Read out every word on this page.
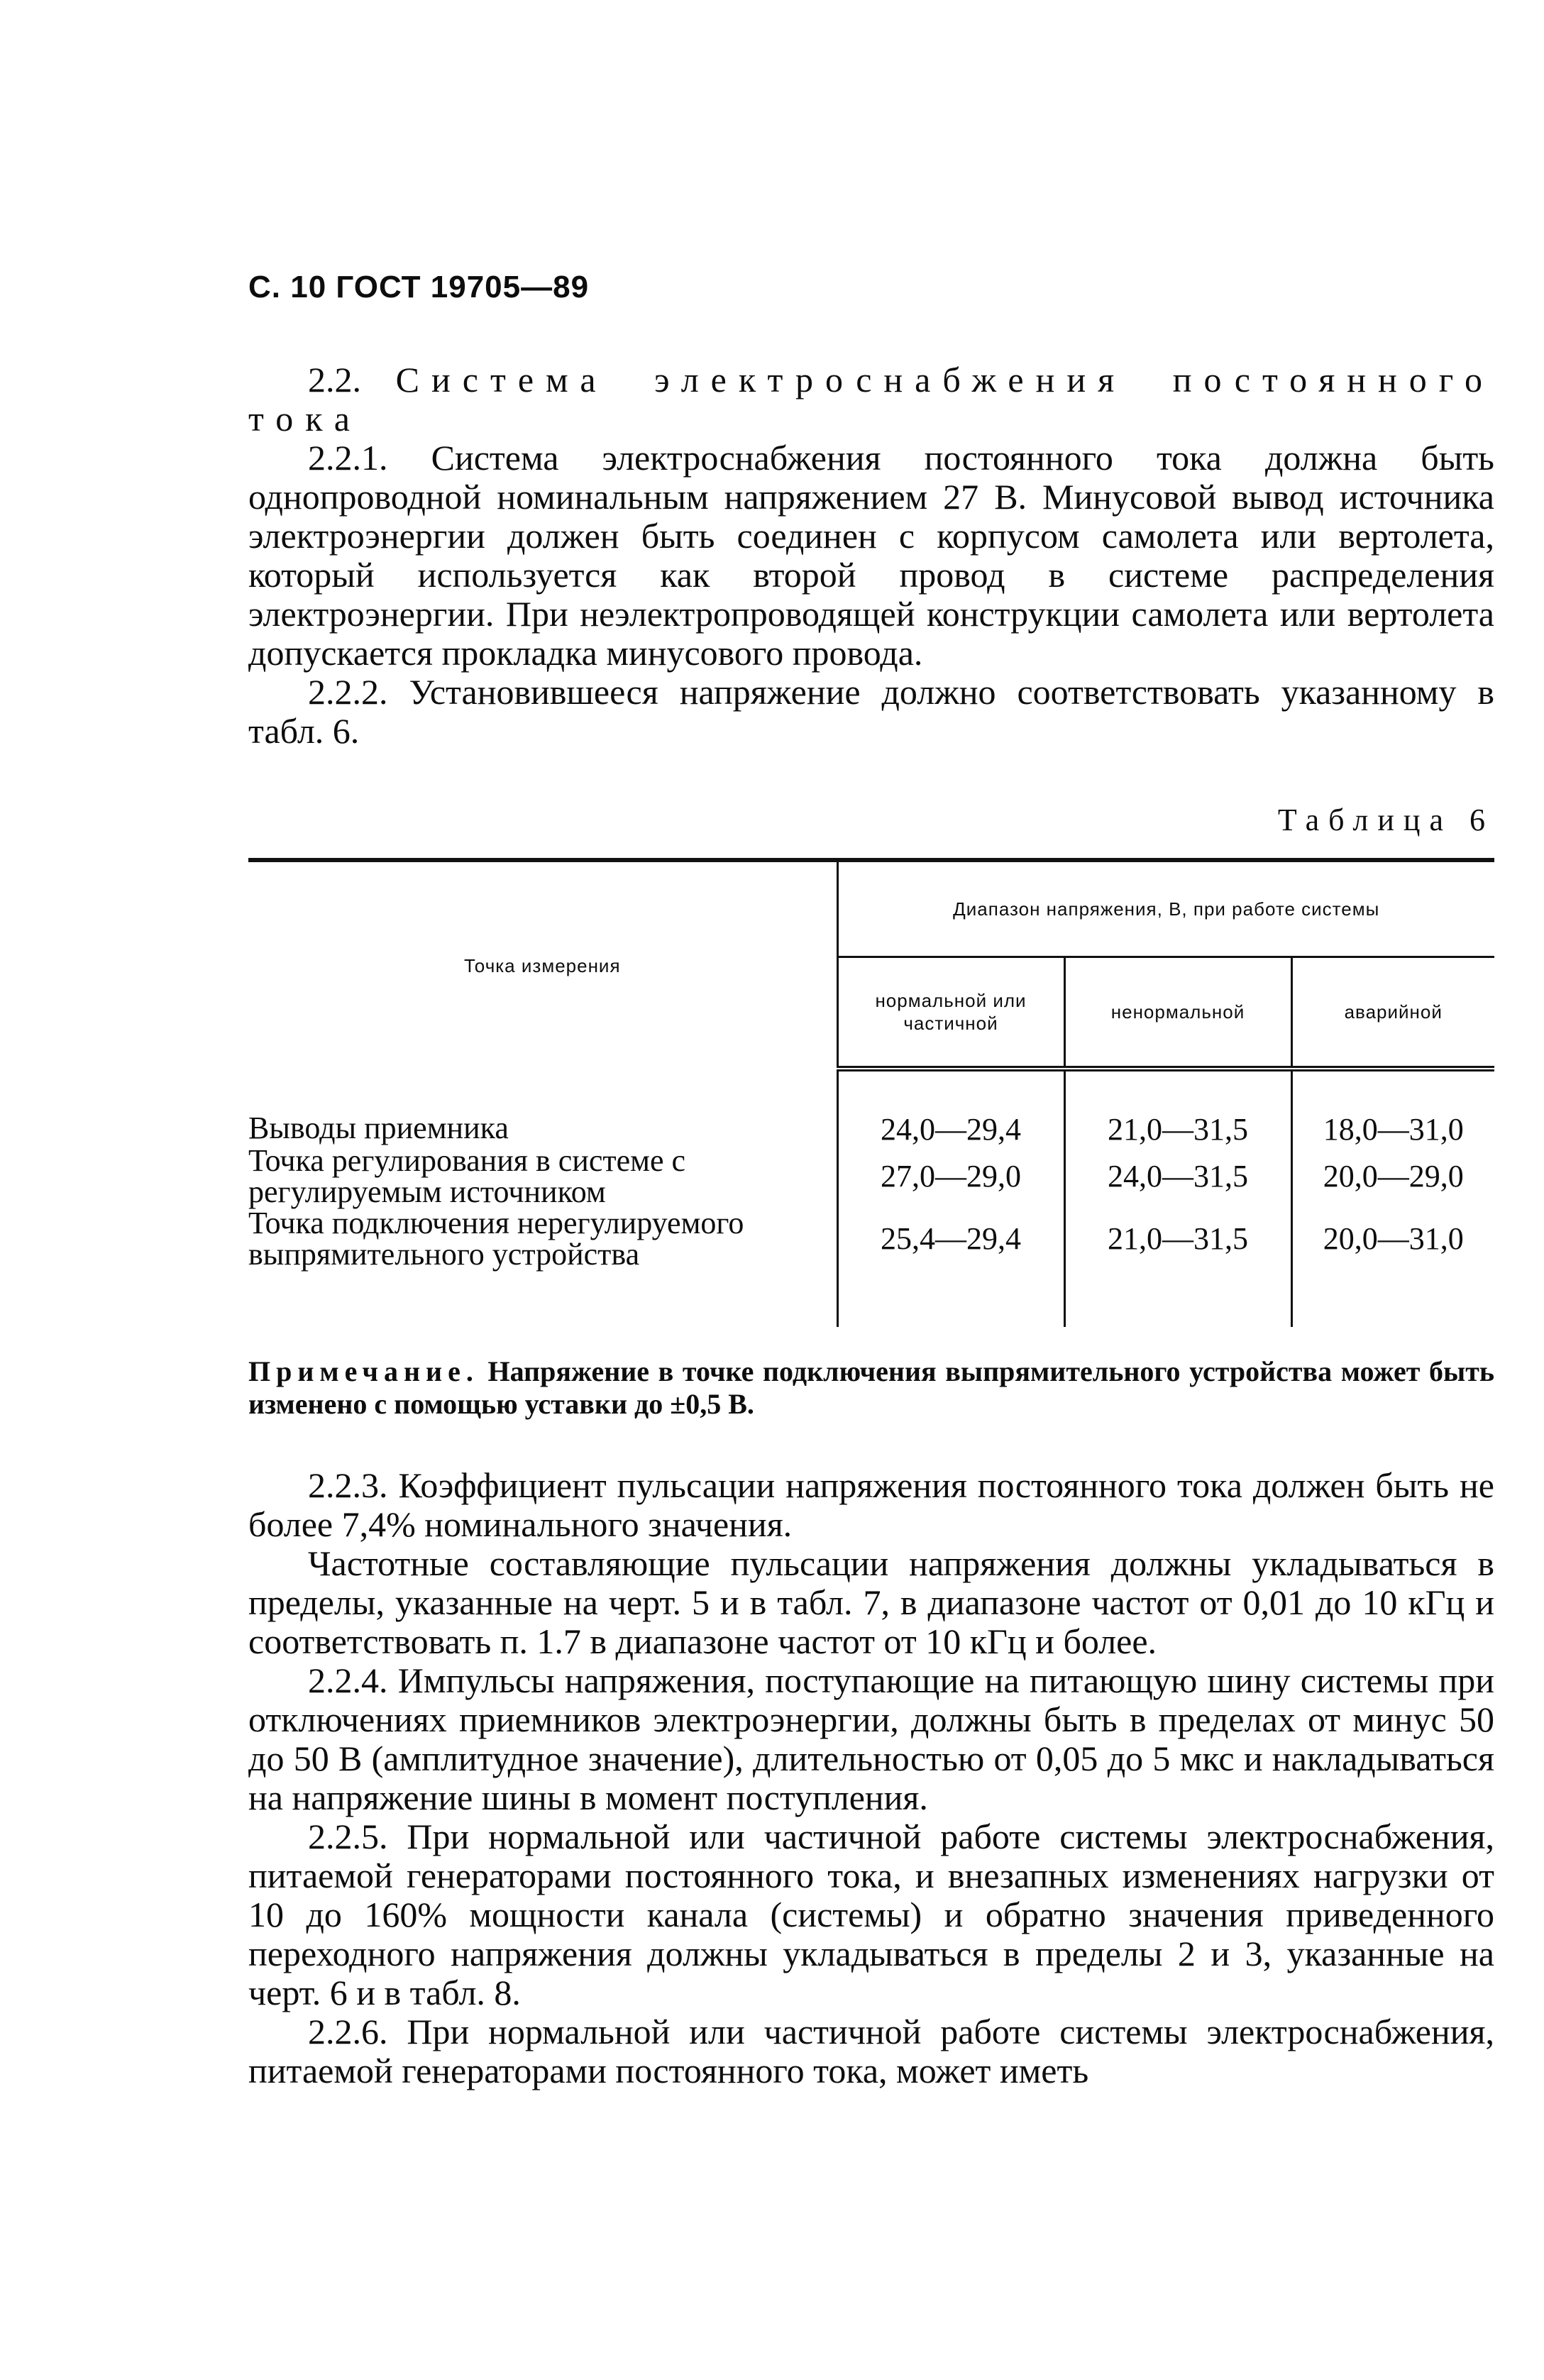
С. 10 ГОСТ 19705—89

2.2. Система электроснабжения постоянного тока

2.2.1. Система электроснабжения постоянного тока должна быть однопроводной номинальным напряжением 27 В. Минусовой вывод источника электроэнергии должен быть соединен с корпусом самолета или вертолета, который используется как второй провод в системе распределения электроэнергии. При неэлектропроводящей конструкции самолета или вертолета допускается прокладка минусового провода.

2.2.2. Установившееся напряжение должно соответствовать указанному в табл. 6.

Таблица 6
Точка измерения	Диапазон напряжения, В, при работе системы		
	нормальной или частичной	ненормальной	аварийной
Выводы приемника	24,0—29,4	21,0—31,5	18,0—31,0
Точка регулирования в системе с регулируемым источником	27,0—29,0	24,0—31,5	20,0—29,0
Точка подключения нерегулируемого выпрямительного устройства	25,4—29,4	21,0—31,5	20,0—31,0
Примечание. Напряжение в точке подключения выпрямительного устройства может быть изменено с помощью уставки до ±0,5 В.

2.2.3. Коэффициент пульсации напряжения постоянного тока должен быть не более 7,4% номинального значения.

Частотные составляющие пульсации напряжения должны укладываться в пределы, указанные на черт. 5 и в табл. 7, в диапазоне частот от 0,01 до 10 кГц и соответствовать п. 1.7 в диапазоне частот от 10 кГц и более.

2.2.4. Импульсы напряжения, поступающие на питающую шину системы при отключениях приемников электроэнергии, должны быть в пределах от минус 50 до 50 В (амплитудное значение), длительностью от 0,05 до 5 мкс и накладываться на напряжение шины в момент поступления.

2.2.5. При нормальной или частичной работе системы электроснабжения, питаемой генераторами постоянного тока, и внезапных изменениях нагрузки от 10 до 160% мощности канала (системы) и обратно значения приведенного переходного напряжения должны укладываться в пределы 2 и 3, указанные на черт. 6 и в табл. 8.

2.2.6. При нормальной или частичной работе системы электроснабжения, питаемой генераторами постоянного тока, может иметь
